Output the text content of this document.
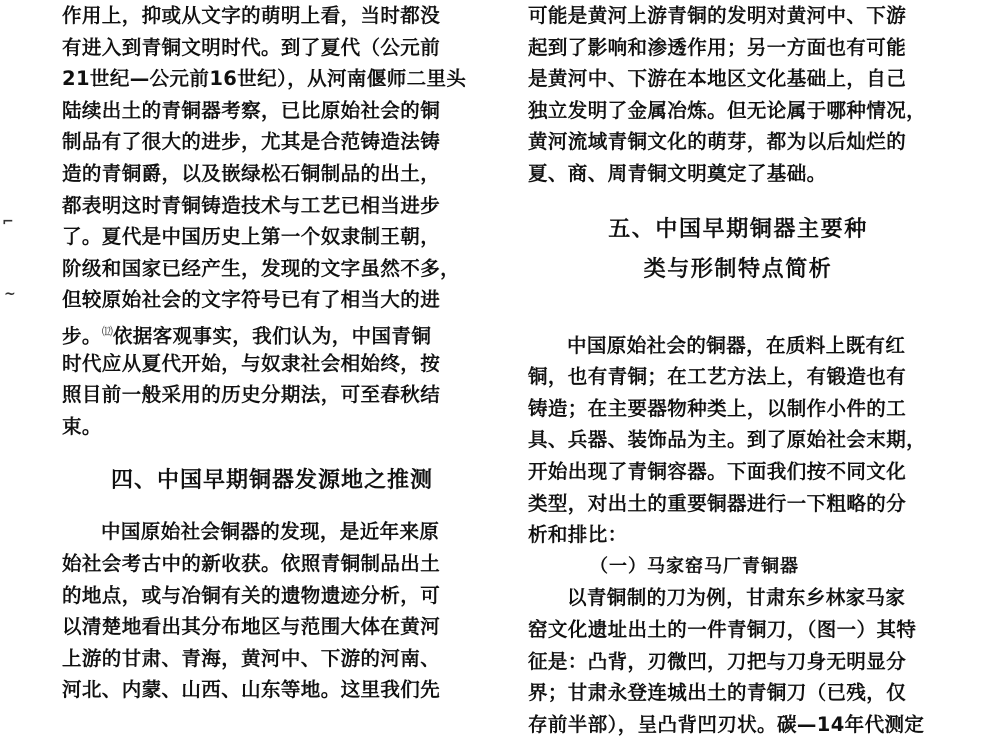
⌐
~
作用上，抑或从文字的萌明上看，当时都没
有进入到青铜文明时代。到了夏代（公元前
21世纪—公元前16世纪），从河南偃师二里头
陆续出土的青铜器考察，已比原始社会的铜
制品有了很大的进步，尤其是合范铸造法铸
造的青铜爵，以及嵌绿松石铜制品的出土，
都表明这时青铜铸造技术与工艺已相当进步
了。夏代是中国历史上第一个奴隶制王朝，
阶级和国家已经产生，发现的文字虽然不多，
但较原始社会的文字符号已有了相当大的进
步。⑿依据客观事实，我们认为，中国青铜
时代应从夏代开始，与奴隶社会相始终，按
照目前一般采用的历史分期法，可至春秋结
束。
四、中国早期铜器发源地之推测
中国原始社会铜器的发现，是近年来原
始社会考古中的新收获。依照青铜制品出土
的地点，或与冶铜有关的遗物遗迹分析，可
以清楚地看出其分布地区与范围大体在黄河
上游的甘肃、青海，黄河中、下游的河南、
河北、内蒙、山西、山东等地。这里我们先
可能是黄河上游青铜的发明对黄河中、下游
起到了影响和渗透作用；另一方面也有可能
是黄河中、下游在本地区文化基础上，自己
独立发明了金属冶炼。但无论属于哪种情况，
黄河流域青铜文化的萌芽，都为以后灿烂的
夏、商、周青铜文明奠定了基础。
五、中国早期铜器主要种
类与形制特点简析
中国原始社会的铜器，在质料上既有红
铜，也有青铜；在工艺方法上，有锻造也有
铸造；在主要器物种类上，以制作小件的工
具、兵器、装饰品为主。到了原始社会末期，
开始出现了青铜容器。下面我们按不同文化
类型，对出土的重要铜器进行一下粗略的分
析和排比：
（一）马家窑马厂青铜器
以青铜制的刀为例，甘肃东乡林家马家
窑文化遗址出土的一件青铜刀，（图一）其特
征是：凸背，刃微凹，刀把与刀身无明显分
界；甘肃永登连城出土的青铜刀（已残，仅
存前半部），呈凸背凹刃状。碳—14年代测定
